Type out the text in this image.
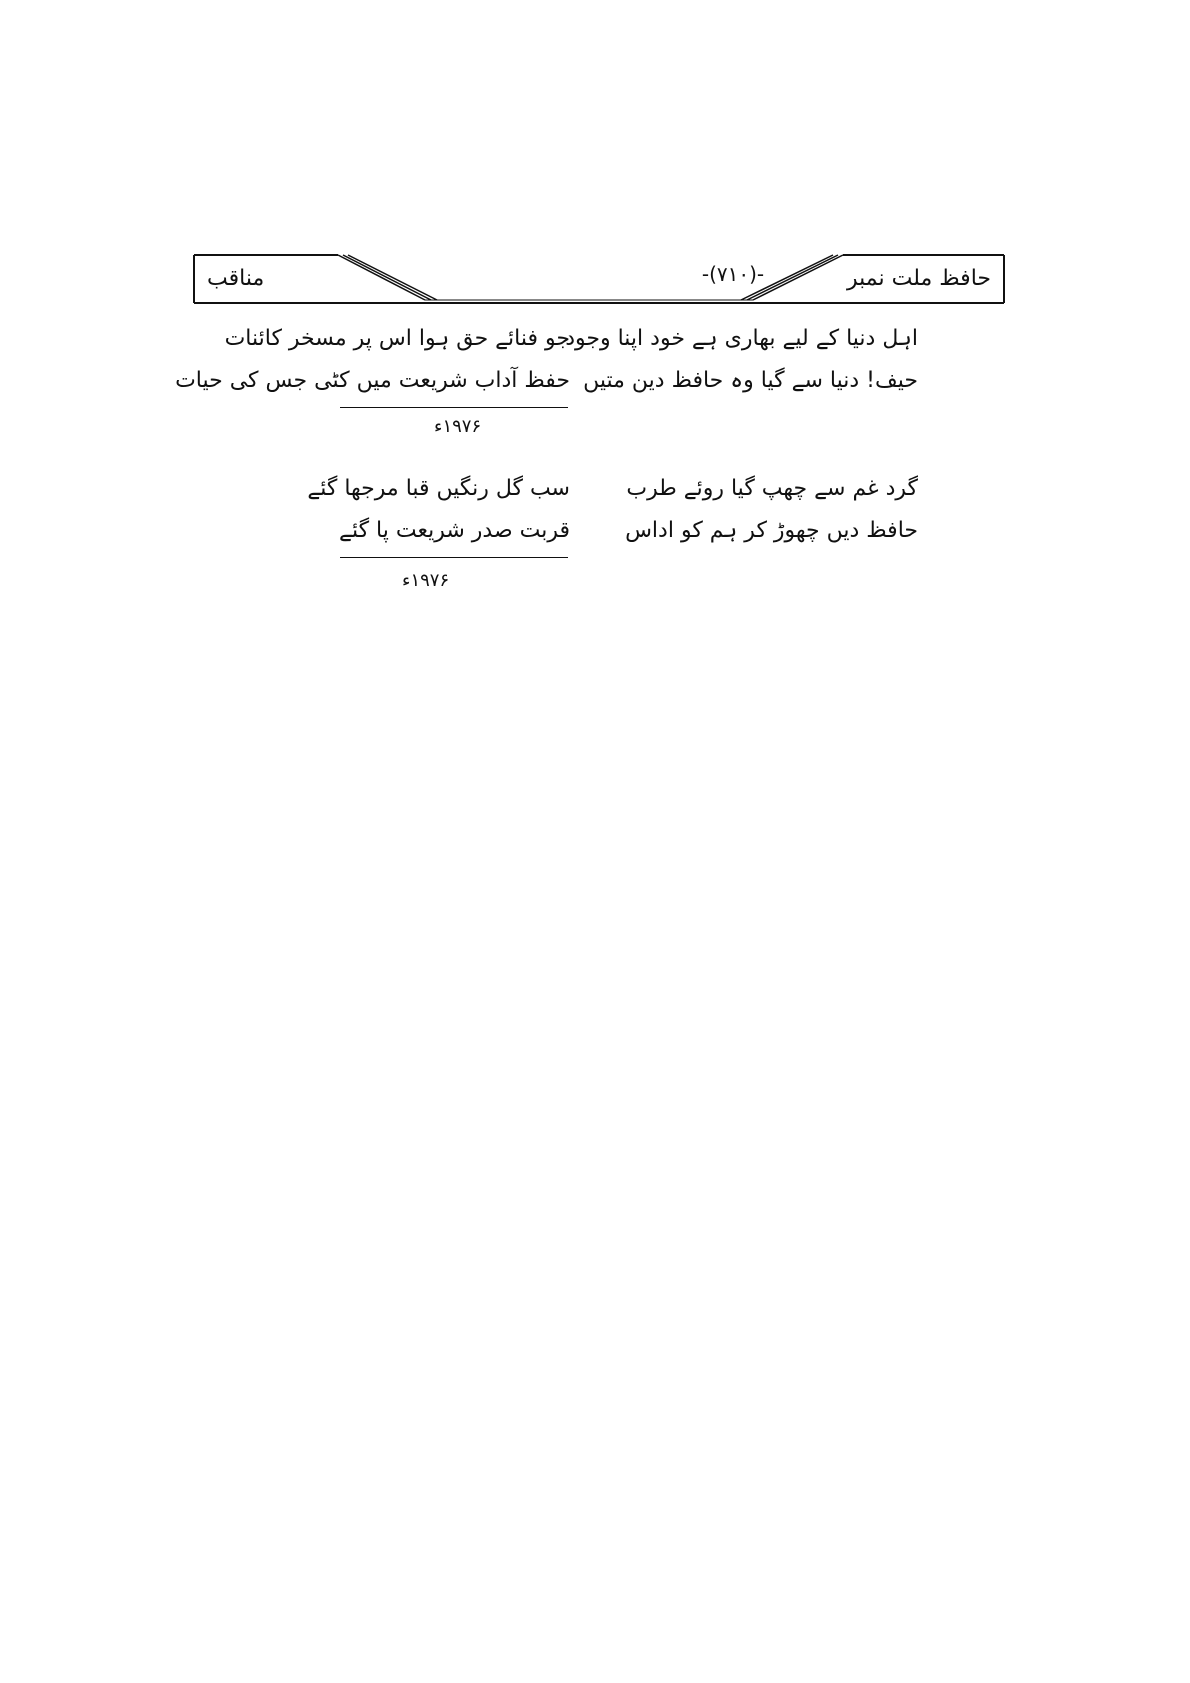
مناقب	-(۷۱۰)-	حافظ ملت نمبر
اہل دنیا کے لیے بھاری ہے خود اپنا وجود
حیف! دنیا سے گیا وہ حافظ دین متیں
جو فنائے حق ہوا اس پر مسخر کائنات
حفظ آداب شریعت میں کٹی جس کی حیات
۱۹۷۶ء
گرد غم سے چھپ گیا روئے طرب
حافظ دیں چھوڑ کر ہم کو اداس
سب گل رنگیں قبا مرجھا گئے
قربت صدر شریعت پا گئے
۱۹۷۶ء
